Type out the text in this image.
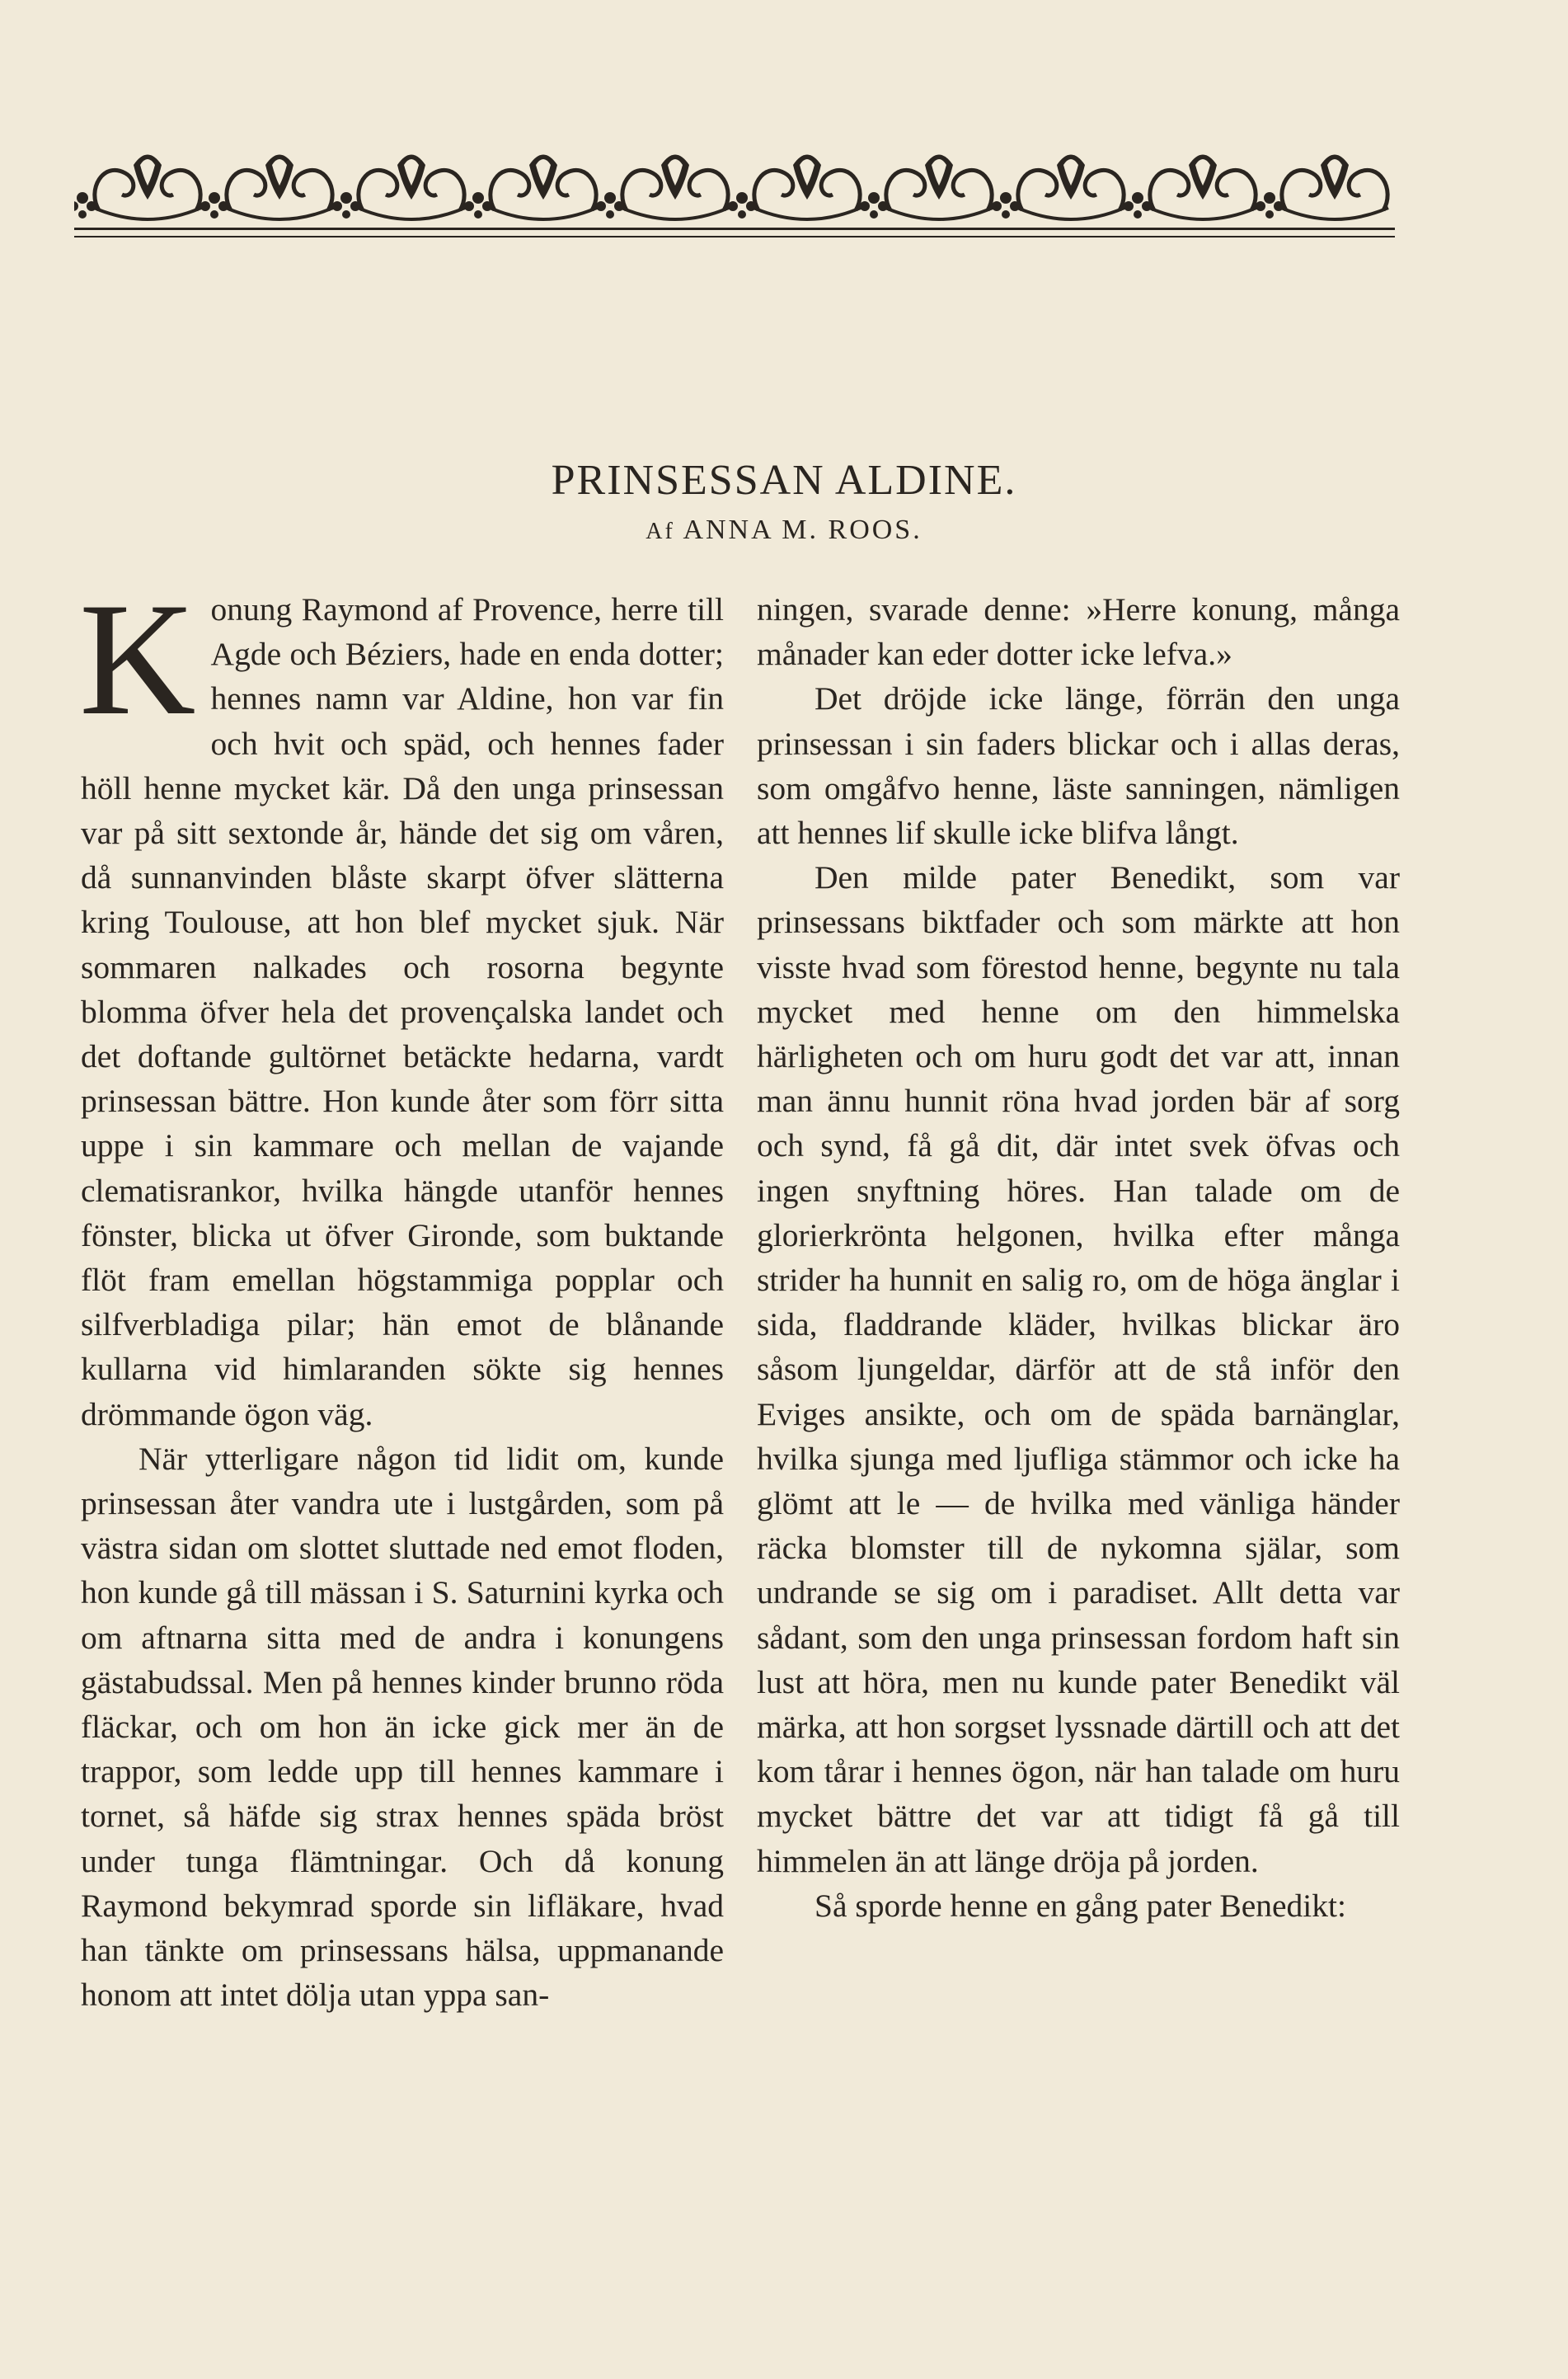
PRINSESSAN ALDINE.
Af ANNA M. ROOS.

Konung Raymond af Provence, herre till Agde och Béziers, hade en enda dotter; hennes namn var Aldine, hon var fin och hvit och späd, och hennes fader höll henne mycket kär. Då den unga prinsessan var på sitt sextonde år, hände det sig om våren, då sunnanvinden blåste skarpt öfver slätterna kring Toulouse, att hon blef mycket sjuk. När sommaren nalkades och rosorna begynte blomma öfver hela det provençalska landet och det doftande gultörnet betäckte hedarna, vardt prinsessan bättre. Hon kunde åter som förr sitta uppe i sin kammare och mellan de vajande clematisrankor, hvilka hängde utanför hennes fönster, blicka ut öfver Gironde, som buktande flöt fram emellan högstammiga popplar och silfverbladiga pilar; hän emot de blånande kullarna vid himlaranden sökte sig hennes drömmande ögon väg.

När ytterligare någon tid lidit om, kunde prinsessan åter vandra ute i lustgården, som på västra sidan om slottet sluttade ned emot floden, hon kunde gå till mässan i S. Saturnini kyrka och om aftnarna sitta med de andra i konungens gästabudssal. Men på hennes kinder brunno röda fläckar, och om hon än icke gick mer än de trappor, som ledde upp till hennes kammare i tornet, så häfde sig strax hennes späda bröst under tunga flämtningar. Och då konung Raymond bekymrad sporde sin lifläkare, hvad han tänkte om prinsessans hälsa, uppmanande honom att intet dölja utan yppa san-

ningen, svarade denne: »Herre konung, många månader kan eder dotter icke lefva.»

Det dröjde icke länge, förrän den unga prinsessan i sin faders blickar och i allas deras, som omgåfvo henne, läste sanningen, nämligen att hennes lif skulle icke blifva långt.

Den milde pater Benedikt, som var prinsessans biktfader och som märkte att hon visste hvad som förestod henne, begynte nu tala mycket med henne om den himmelska härligheten och om huru godt det var att, innan man ännu hunnit röna hvad jorden bär af sorg och synd, få gå dit, där intet svek öfvas och ingen snyftning höres. Han talade om de glorierkrönta helgonen, hvilka efter många strider ha hunnit en salig ro, om de höga änglar i sida, fladdrande kläder, hvilkas blickar äro såsom ljungeldar, därför att de stå inför den Eviges ansikte, och om de späda barnänglar, hvilka sjunga med ljufliga stämmor och icke ha glömt att le — de hvilka med vänliga händer räcka blomster till de nykomna själar, som undrande se sig om i paradiset. Allt detta var sådant, som den unga prinsessan fordom haft sin lust att höra, men nu kunde pater Benedikt väl märka, att hon sorgset lyssnade därtill och att det kom tårar i hennes ögon, när han talade om huru mycket bättre det var att tidigt få gå till himmelen än att länge dröja på jorden.

Så sporde henne en gång pater Benedikt:
